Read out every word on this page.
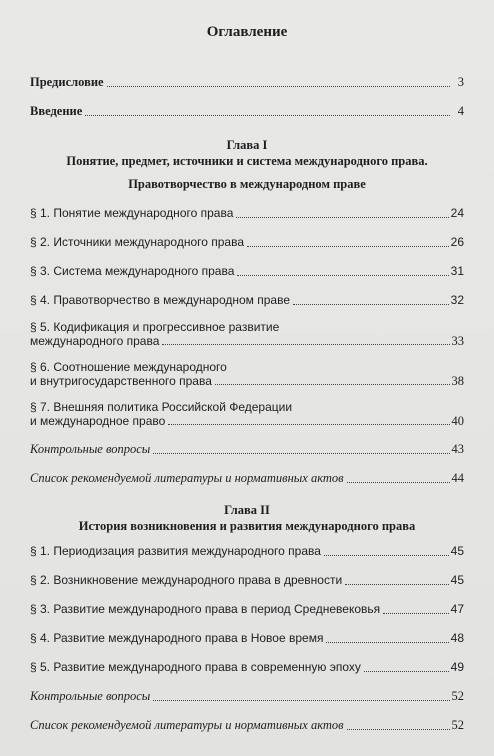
Оглавление
Предисловие	3
Введение	4
Глава I
Понятие, предмет, источники и система международного права.
Правотворчество в международном праве
§ 1. Понятие международного права	24
§ 2. Источники международного права	26
§ 3. Система международного права	31
§ 4. Правотворчество в международном праве	32
§ 5. Кодификация и прогрессивное развитие
международного права	33
§ 6. Соотношение международного
и внутригосударственного права	38
§ 7. Внешняя политика Российской Федерации
и международное право	40
Контрольные вопросы	43
Список рекомендуемой литературы и нормативных актов	44
Глава II
История возникновения и развития международного права
§ 1. Периодизация развития международного права	45
§ 2. Возникновение международного права в древности	45
§ 3. Развитие международного права в период Средневековья	47
§ 4. Развитие международного права в Новое время	48
§ 5. Развитие международного права в современную эпоху	49
Контрольные вопросы	52
Список рекомендуемой литературы и нормативных актов	52
